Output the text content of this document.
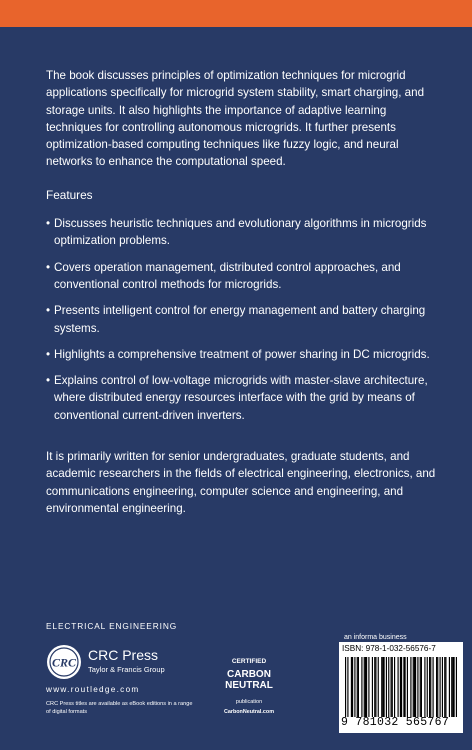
The book discusses principles of optimization techniques for microgrid applications specifically for microgrid system stability, smart charging, and storage units. It also highlights the importance of adaptive learning techniques for controlling autonomous microgrids. It further presents optimization-based computing techniques like fuzzy logic, and neural networks to enhance the computational speed.

Features
• Discusses heuristic techniques and evolutionary algorithms in microgrids optimization problems.
• Covers operation management, distributed control approaches, and conventional control methods for microgrids.
• Presents intelligent control for energy management and battery charging systems.
• Highlights a comprehensive treatment of power sharing in DC microgrids.
• Explains control of low-voltage microgrids with master-slave architecture, where distributed energy resources interface with the grid by means of conventional current-driven inverters.

It is primarily written for senior undergraduates, graduate students, and academic researchers in the fields of electrical engineering, electronics, and communications engineering, computer science and engineering, and environmental engineering.

ELECTRICAL ENGINEERING
CRC CRC Press
Taylor & Francis Group
www.routledge.com
CRC Press titles are available as eBook editions in a range of digital formats
CERTIFIED
CARBON
NEUTRAL
publication
CarbonNeutral.com
an informa business
ISBN: 978-1-032-56576-7
9 781032 565767
